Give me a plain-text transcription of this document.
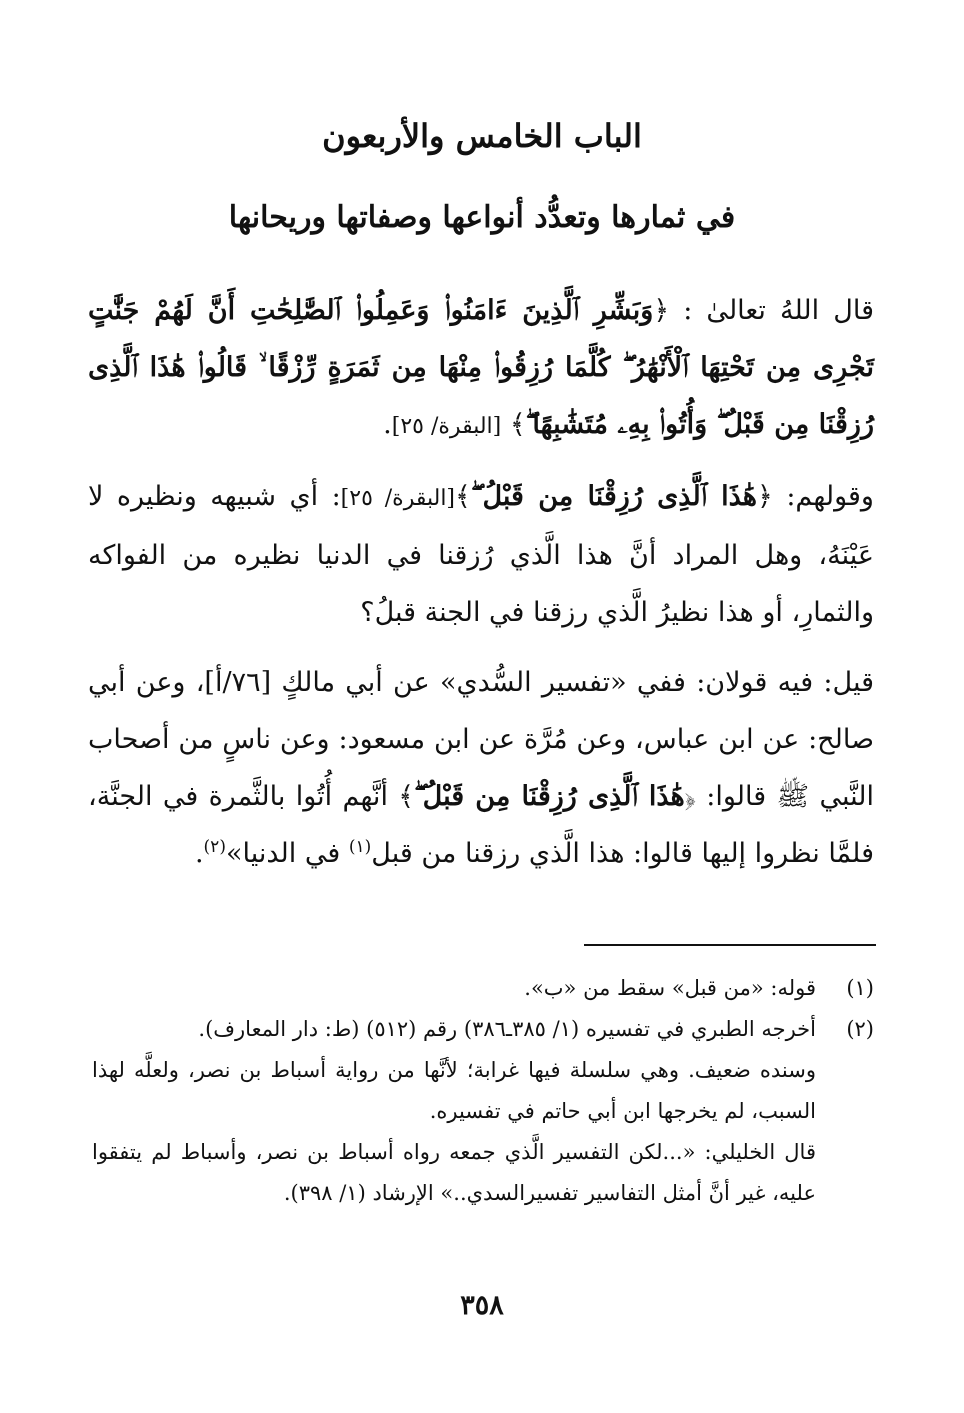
الباب الخامس والأربعون
في ثمارها وتعدُّد أنواعها وصفاتها وريحانها

قال اللهُ تعالىٰ : ﴿وَبَشِّرِ ٱلَّذِينَ ءَامَنُوا۟ وَعَمِلُوا۟ ٱلصَّٰلِحَٰتِ أَنَّ لَهُمْ جَنَّٰتٍ تَجْرِى مِن تَحْتِهَا ٱلْأَنْهَٰرُ ۖ كُلَّمَا رُزِقُوا۟ مِنْهَا مِن ثَمَرَةٍ رِّزْقًا ۙ قَالُوا۟ هَٰذَا ٱلَّذِى رُزِقْنَا مِن قَبْلُ ۖ وَأُتُوا۟ بِهِۦ مُتَشَٰبِهًا ۖ﴾ [البقرة/ ٢٥].

وقولهم: ﴿هَٰذَا ٱلَّذِى رُزِقْنَا مِن قَبْلُ ۖ﴾[البقرة/ ٢٥]: أي شبيهه ونظيره لا عَيْنَهُ، وهل المراد أنَّ هذا الَّذي رُزقنا في الدنيا نظيره من الفواكه والثمارِ، أو هذا نظيرُ الَّذي رزقنا في الجنة قبلُ؟

قيل: فيه قولان: ففي «تفسير السُّدي» عن أبي مالكٍ [٧٦/أ]، وعن أبي صالح: عن ابن عباس، وعن مُرَّة عن ابن مسعود: وعن ناسٍ من أصحاب النَّبي ﷺ قالوا: ﴿هَٰذَا ٱلَّذِى رُزِقْنَا مِن قَبْلُ ۖ﴾ أنَّهم أُتُوا بالثَّمرة في الجنَّة، فلمَّا نظروا إليها قالوا: هذا الَّذي رزقنا من قبل$^{(١)}$ في الدنيا»$^{(٢)}$.

(١)

قوله: «من قبل» سقط من «ب».

(٢)

أخرجه الطبري في تفسيره (١/ ٣٨٥ـ٣٨٦) رقم (٥١٢) (ط: دار المعارف).

وسنده ضعيف. وهي سلسلة فيها غرابة؛ لأنَّها من رواية أسباط بن نصر، ولعلَّه لهذا السبب، لم يخرجها ابن أبي حاتم في تفسيره.

قال الخليلي: «...لكن التفسير الَّذي جمعه رواه أسباط بن نصر، وأسباط لم يتفقوا عليه، غير أنَّ أمثل التفاسير تفسيرالسدي..» الإرشاد (١/ ٣٩٨).

٣٥٨
